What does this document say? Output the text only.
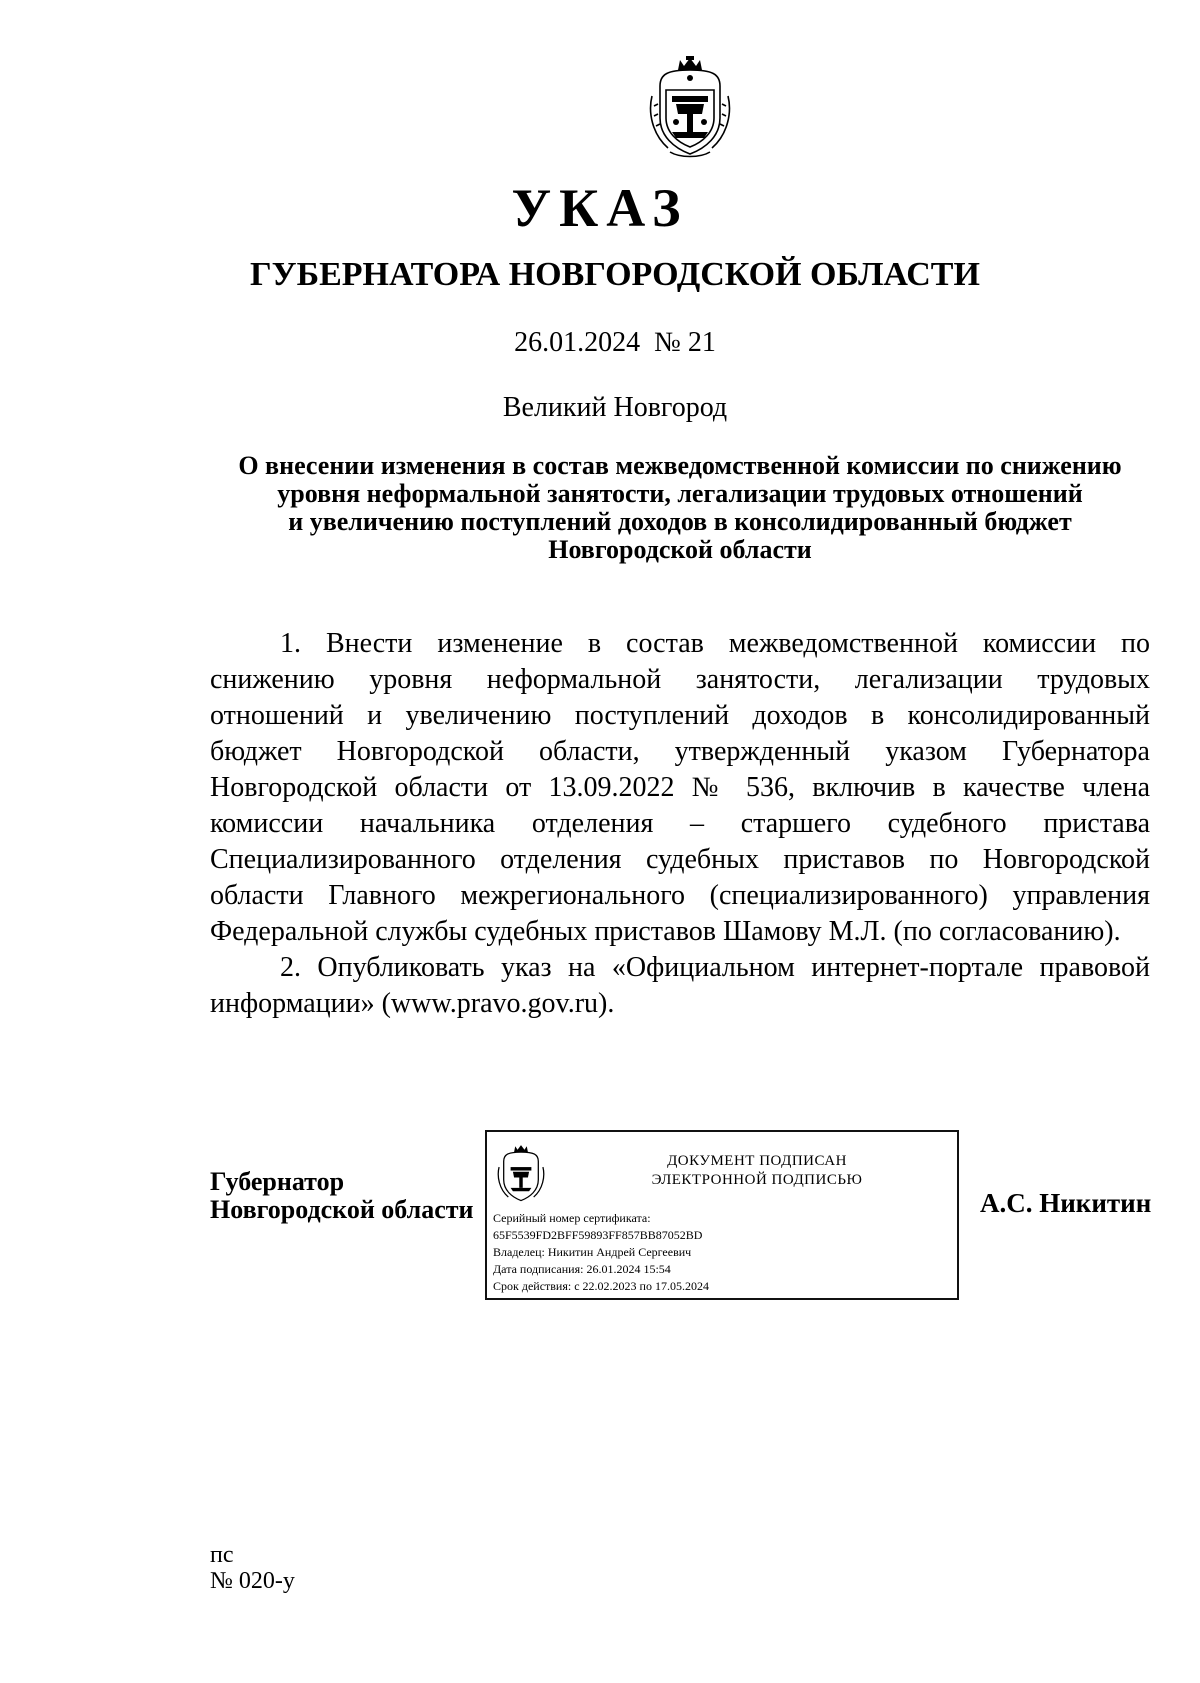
УКАЗ
ГУБЕРНАТОРА НОВГОРОДСКОЙ ОБЛАСТИ
26.01.2024 № 21
Великий Новгород
О внесении изменения в состав межведомственной комиссии по снижению
уровня неформальной занятости, легализации трудовых отношений
и увеличению поступлений доходов в консолидированный бюджет
Новгородской области

1. Внести изменение в состав межведомственной комиссии по снижению уровня неформальной занятости, легализации трудовых отношений и увеличению поступлений доходов в консолидированный бюджет Новгородской области, утвержденный указом Губернатора Новгородской области от 13.09.2022 № 536, включив в качестве члена комиссии начальника отделения – старшего судебного пристава Специализированного отделения судебных приставов по Новгородской области Главного межрегионального (специализированного) управления Федеральной службы судебных приставов Шамову М.Л. (по согласованию).

2. Опубликовать указ на «Официальном интернет-портале правовой информации» (www.pravo.gov.ru).

Губернатор
Новгородской области
ДОКУМЕНТ ПОДПИСАН
ЭЛЕКТРОННОЙ ПОДПИСЬЮ
Серийный номер сертификата:
65F5539FD2BFF59893FF857BB87052BD
Владелец: Никитин Андрей Сергеевич
Дата подписания: 26.01.2024 15:54
Срок действия: с 22.02.2023 по 17.05.2024
А.С. Никитин
пс
№ 020-у
